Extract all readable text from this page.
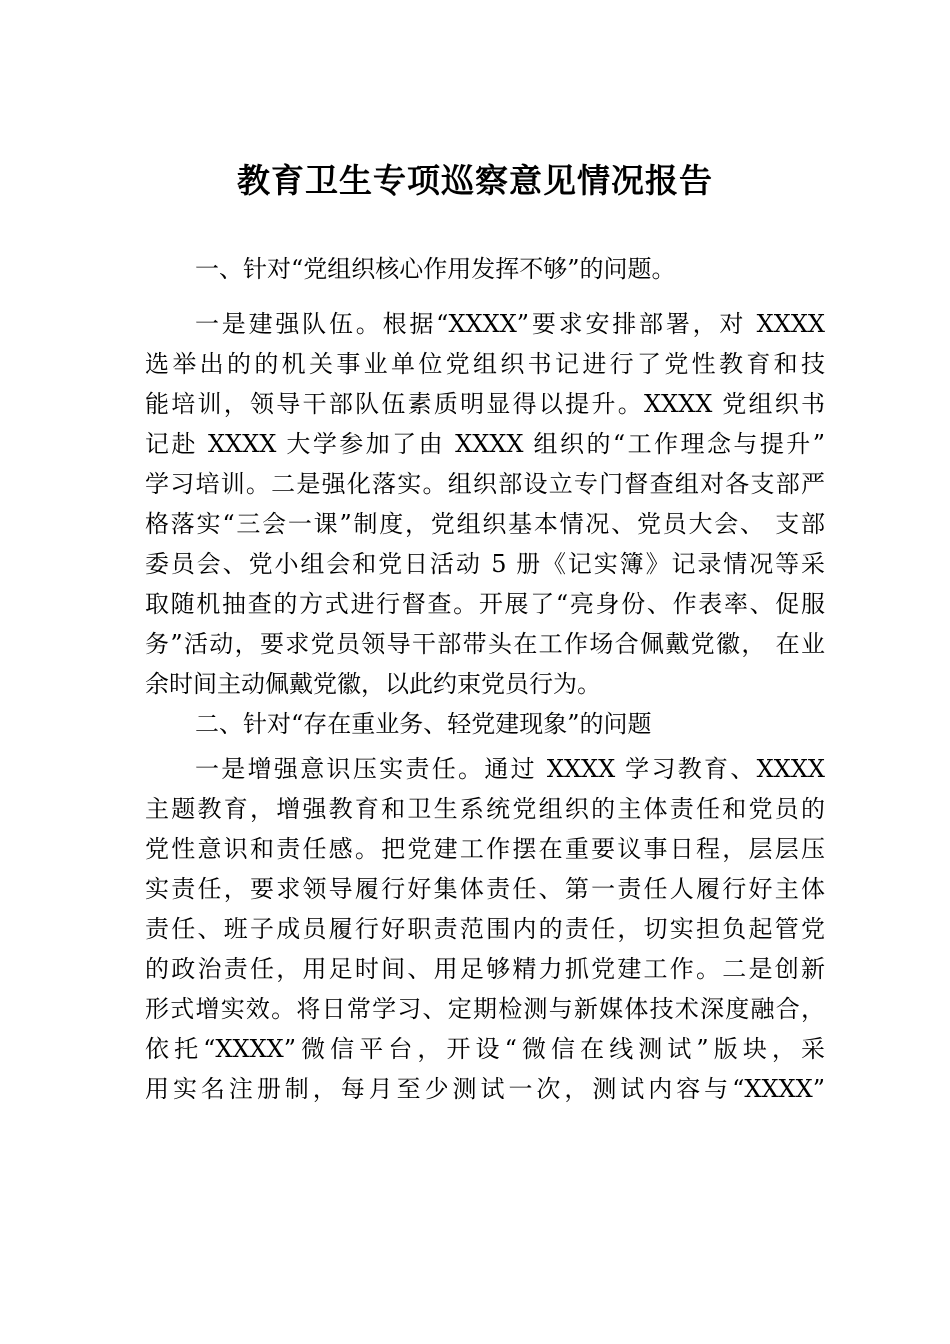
教育卫生专项巡察意见情况报告
一、针对“党组织核心作用发挥不够”的问题。
一是建强队伍。根据“XXXX”要求安排部署，对 XXXX
选举出的的机关事业单位党组织书记进行了党性教育和技
能培训，领导干部队伍素质明显得以提升。XXXX 党组织书
记赴 XXXX 大学参加了由 XXXX 组织的“工作理念与提升”
学习培训。二是强化落实。组织部设立专门督查组对各支部严
格落实“三会一课”制度，党组织基本情况、党员大会、 支部
委员会、党小组会和党日活动 5 册《记实簿》记录情况等采
取随机抽查的方式进行督查。开展了“亮身份、作表率、促服
务”活动，要求党员领导干部带头在工作场合佩戴党徽， 在业
余时间主动佩戴党徽，以此约束党员行为。
二、针对“存在重业务、轻党建现象”的问题
一是增强意识压实责任。通过 XXXX 学习教育、XXXX
主题教育，增强教育和卫生系统党组织的主体责任和党员的
党性意识和责任感。把党建工作摆在重要议事日程，层层压
实责任，要求领导履行好集体责任、第一责任人履行好主体
责任、班子成员履行好职责范围内的责任，切实担负起管党
的政治责任，用足时间、用足够精力抓党建工作。二是创新
形式增实效。将日常学习、定期检测与新媒体技术深度融合，
依托“XXXX”微信平台，开设“微信在线测试”版块，采
用实名注册制，每月至少测试一次，测试内容与“XXXX”
